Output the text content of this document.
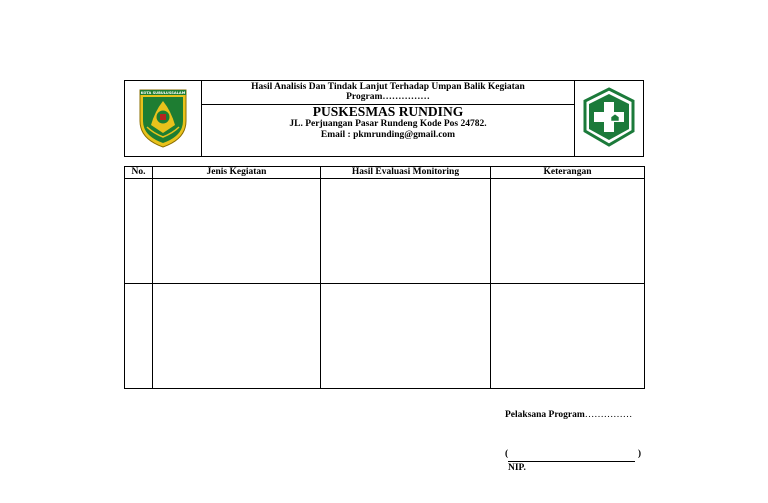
KOTA SUBULUSSALAM
Hasil Analisis Dan Tindak Lanjut Terhadap Umpan Balik Kegiatan
Program……………
PUSKESMAS RUNDING
JL. Perjuangan Pasar Rundeng Kode Pos 24782.
Email : pkmrunding@gmail.com
No.	Jenis Kegiatan	Hasil Evaluasi Monitoring	Keterangan

Pelaksana Program……………
(	)
NIP.
